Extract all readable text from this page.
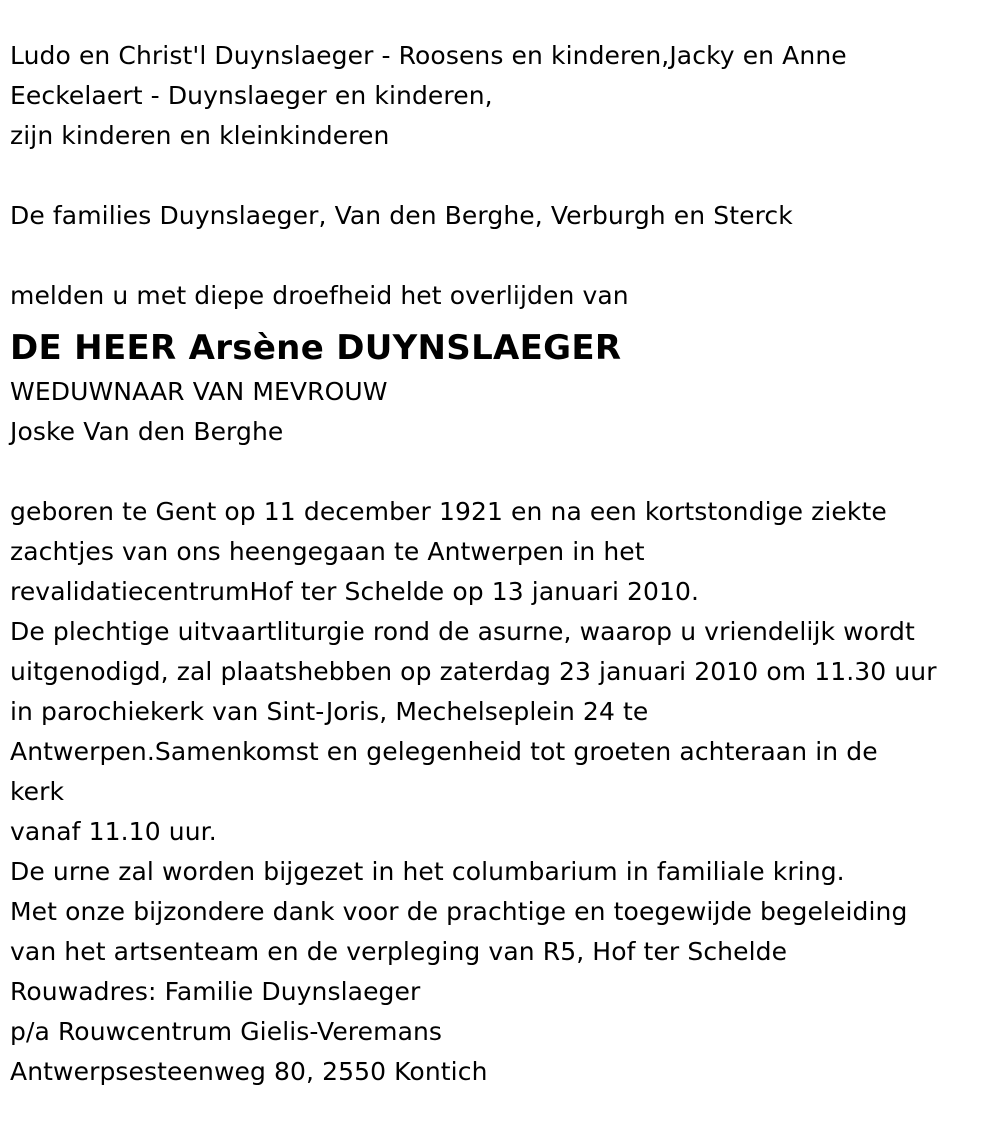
Ludo en Christ'l Duynslaeger - Roosens en kinderen,Jacky en Anne
Eeckelaert - Duynslaeger en kinderen,
zijn kinderen en kleinkinderen
De families Duynslaeger, Van den Berghe, Verburgh en Sterck
melden u met diepe droefheid het overlijden van
DE HEER Arsène DUYNSLAEGER
WEDUWNAAR VAN MEVROUW
Joske Van den Berghe
geboren te Gent op 11 december 1921 en na een kortstondige ziekte
zachtjes van ons heengegaan te Antwerpen in het
revalidatiecentrumHof ter Schelde op 13 januari 2010.
De plechtige uitvaartliturgie rond de asurne, waarop u vriendelijk wordt
uitgenodigd, zal plaatshebben op zaterdag 23 januari 2010 om 11.30 uur
in parochiekerk van Sint-Joris, Mechelseplein 24 te
Antwerpen.Samenkomst en gelegenheid tot groeten achteraan in de
kerk
vanaf 11.10 uur.
De urne zal worden bijgezet in het columbarium in familiale kring.
Met onze bijzondere dank voor de prachtige en toegewijde begeleiding
van het artsenteam en de verpleging van R5, Hof ter Schelde
Rouwadres: Familie Duynslaeger
p/a Rouwcentrum Gielis-Veremans
Antwerpsesteenweg 80, 2550 Kontich
